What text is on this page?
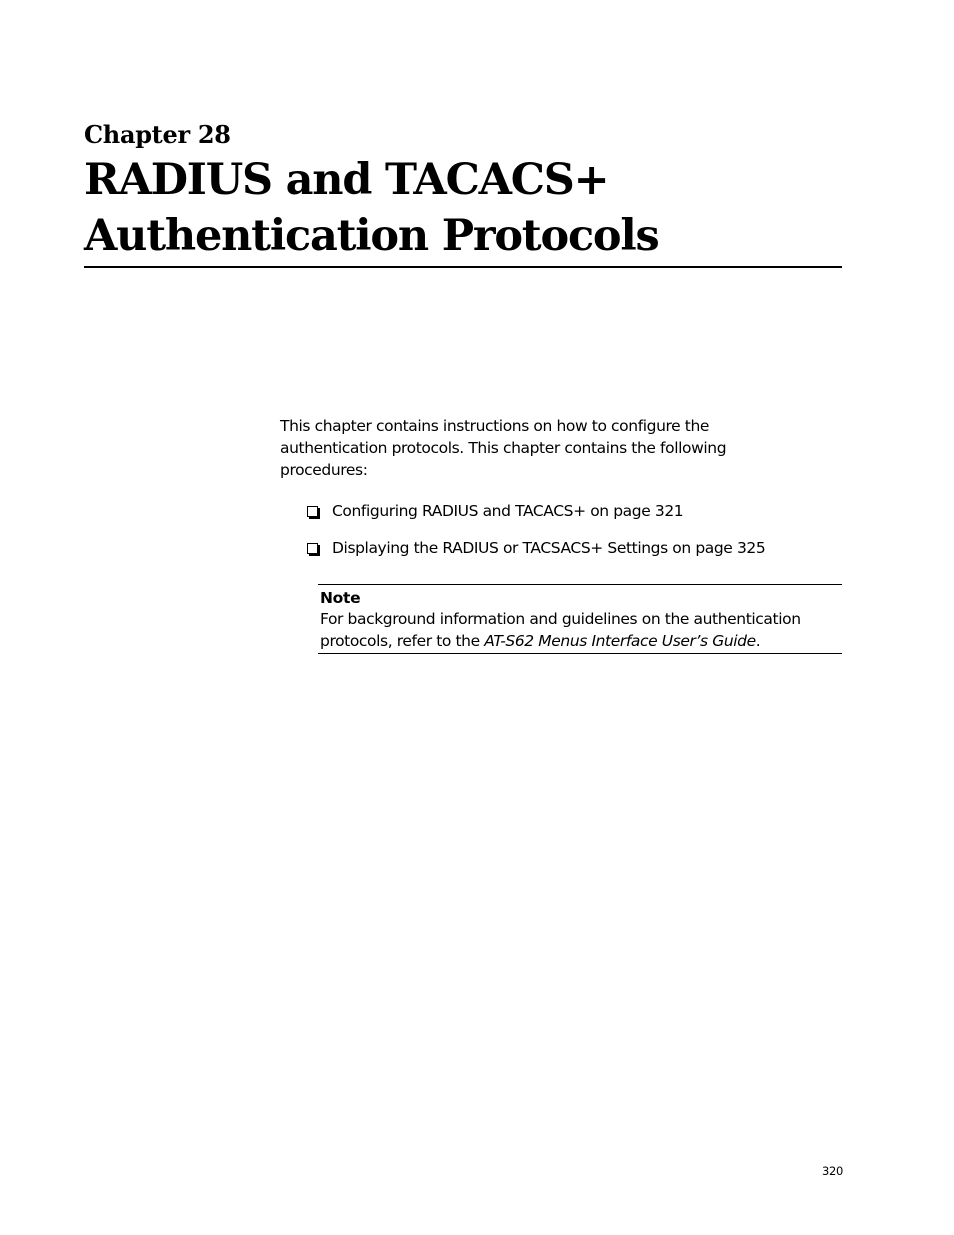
Chapter 28
RADIUS and TACACS+
Authentication Protocols

This chapter contains instructions on how to configure the
authentication protocols. This chapter contains the following
procedures:

Configuring RADIUS and TACACS+ on page 321
Displaying the RADIUS or TACSACS+ Settings on page 325
Note

For background information and guidelines on the authentication
protocols, refer to the AT-S62 Menus Interface User’s Guide.

320
